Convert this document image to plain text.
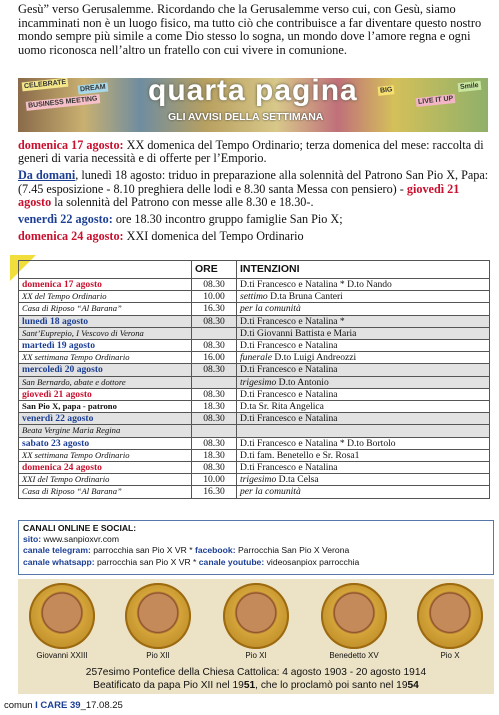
Gesù” verso Gerusalemme. Ricordando che la Gerusalemme verso cui, con Gesù, siamo incamminati non è un luogo fisico, ma tutto ciò che contribuisce a far diventare questo nostro mondo sempre più simile a come Dio stesso lo sogna, un mondo dove l’amore regna e ogni uomo riconosca nell’altro un fratello con cui vivere in comunione.
CELEBRATE
BUSINESS MEETING
DREAM	BIG
LIVE IT UP
Smile
quarta pagina
GLI AVVISI DELLA SETTIMANA

domenica 17 agosto: XX domenica del Tempo Ordinario; terza domenica del mese: raccolta di generi di varia necessità e di offerte per l’Emporio.

Da domani, lunedì 18 agosto: triduo in preparazione alla solennità del Patrono San Pio X, Papa: (7.45 esposizione - 8.10 preghiera delle lodi e 8.30 santa Messa con pensiero) - giovedì 21 agosto la solennità del Patrono con messe alle 8.30 e 18.30-.

venerdì 22 agosto: ore 18.30 incontro gruppo famiglie San Pio X;

domenica 24 agosto: XXI domenica del Tempo Ordinario

	ORE	INTENZIONI
domenica 17 agosto	08.30	D.ti Francesco e Natalina * D.to Nando
XX del Tempo Ordinario	10.00	settimo D.ta Bruna Canteri
Casa di Riposo “Al Barana”	16.30	per la comunità
lunedì 18 agosto	08.30	D.ti Francesco e Natalina *
Sant’Euprepio, I Vescovo di Verona		D.ti Giovanni Battista e Maria
martedì 19 agosto	08.30	D.ti Francesco e Natalina
XX settimana Tempo Ordinario	16.00	funerale D.to Luigi Andreozzi
mercoledì 20 agosto	08.30	D.ti Francesco e Natalina
San Bernardo, abate e dottore		trigesimo D.to Antonio
giovedì 21 agosto	08.30	D.ti Francesco e Natalina
San Pio X, papa - patrono	18.30	D.ta Sr. Rita Angelica
venerdì 22 agosto	08.30	D.ti Francesco e Natalina
Beata Vergine Maria Regina		
sabato 23 agosto	08.30	D.ti Francesco e Natalina * D.to Bortolo
XX settimana Tempo Ordinario	18.30	D.ti fam. Benetello e Sr. Rosa1
domenica 24 agosto	08.30	D.ti Francesco e Natalina
XXI del Tempo Ordinario	10.00	trigesimo D.ta Celsa
Casa di Riposo “Al Barana”	16.30	per la comunità
CANALI ONLINE E SOCIAL:
sito: www.sanpioxvr.com
canale telegram: parrocchia san Pio X VR * facebook: Parrocchia San Pio X Verona
canale whatsapp: parrocchia san Pio X VR * canale youtube: videosanpiox parrocchia
Giovanni XXIII	Pio XII	Pio XI	Benedetto XV	Pio X
257esimo Pontefice della Chiesa Cattolica: 4 agosto 1903 - 20 agosto 1914
Beatificato da papa Pio XII nel 1951, che lo proclamò poi santo nel 1954
comun I CARE 39_17.08.25
